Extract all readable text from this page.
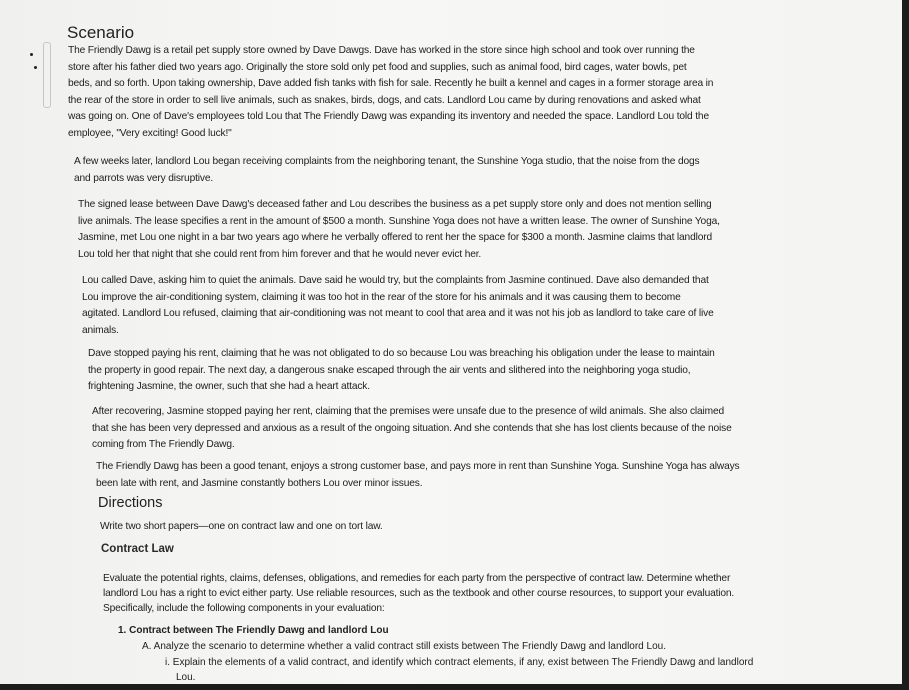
Scenario
The Friendly Dawg is a retail pet supply store owned by Dave Dawgs. Dave has worked in the store since high school and took over running the
store after his father died two years ago. Originally the store sold only pet food and supplies, such as animal food, bird cages, water bowls, pet
beds, and so forth. Upon taking ownership, Dave added fish tanks with fish for sale. Recently he built a kennel and cages in a former storage area in
the rear of the store in order to sell live animals, such as snakes, birds, dogs, and cats. Landlord Lou came by during renovations and asked what
was going on. One of Dave's employees told Lou that The Friendly Dawg was expanding its inventory and needed the space. Landlord Lou told the
employee, "Very exciting! Good luck!"
A few weeks later, landlord Lou began receiving complaints from the neighboring tenant, the Sunshine Yoga studio, that the noise from the dogs
and parrots was very disruptive.
The signed lease between Dave Dawg's deceased father and Lou describes the business as a pet supply store only and does not mention selling
live animals. The lease specifies a rent in the amount of $500 a month. Sunshine Yoga does not have a written lease. The owner of Sunshine Yoga,
Jasmine, met Lou one night in a bar two years ago where he verbally offered to rent her the space for $300 a month. Jasmine claims that landlord
Lou told her that night that she could rent from him forever and that he would never evict her.
Lou called Dave, asking him to quiet the animals. Dave said he would try, but the complaints from Jasmine continued. Dave also demanded that
Lou improve the air-conditioning system, claiming it was too hot in the rear of the store for his animals and it was causing them to become
agitated. Landlord Lou refused, claiming that air-conditioning was not meant to cool that area and it was not his job as landlord to take care of live
animals.
Dave stopped paying his rent, claiming that he was not obligated to do so because Lou was breaching his obligation under the lease to maintain
the property in good repair. The next day, a dangerous snake escaped through the air vents and slithered into the neighboring yoga studio,
frightening Jasmine, the owner, such that she had a heart attack.
After recovering, Jasmine stopped paying her rent, claiming that the premises were unsafe due to the presence of wild animals. She also claimed
that she has been very depressed and anxious as a result of the ongoing situation. And she contends that she has lost clients because of the noise
coming from The Friendly Dawg.
The Friendly Dawg has been a good tenant, enjoys a strong customer base, and pays more in rent than Sunshine Yoga. Sunshine Yoga has always
been late with rent, and Jasmine constantly bothers Lou over minor issues.
Directions
Write two short papers—one on contract law and one on tort law.
Contract Law
Evaluate the potential rights, claims, defenses, obligations, and remedies for each party from the perspective of contract law. Determine whether
landlord Lou has a right to evict either party. Use reliable resources, such as the textbook and other course resources, to support your evaluation.
Specifically, include the following components in your evaluation:
1. Contract between The Friendly Dawg and landlord Lou
A. Analyze the scenario to determine whether a valid contract still exists between The Friendly Dawg and landlord Lou.
i. Explain the elements of a valid contract, and identify which contract elements, if any, exist between The Friendly Dawg and landlord
Lou.
